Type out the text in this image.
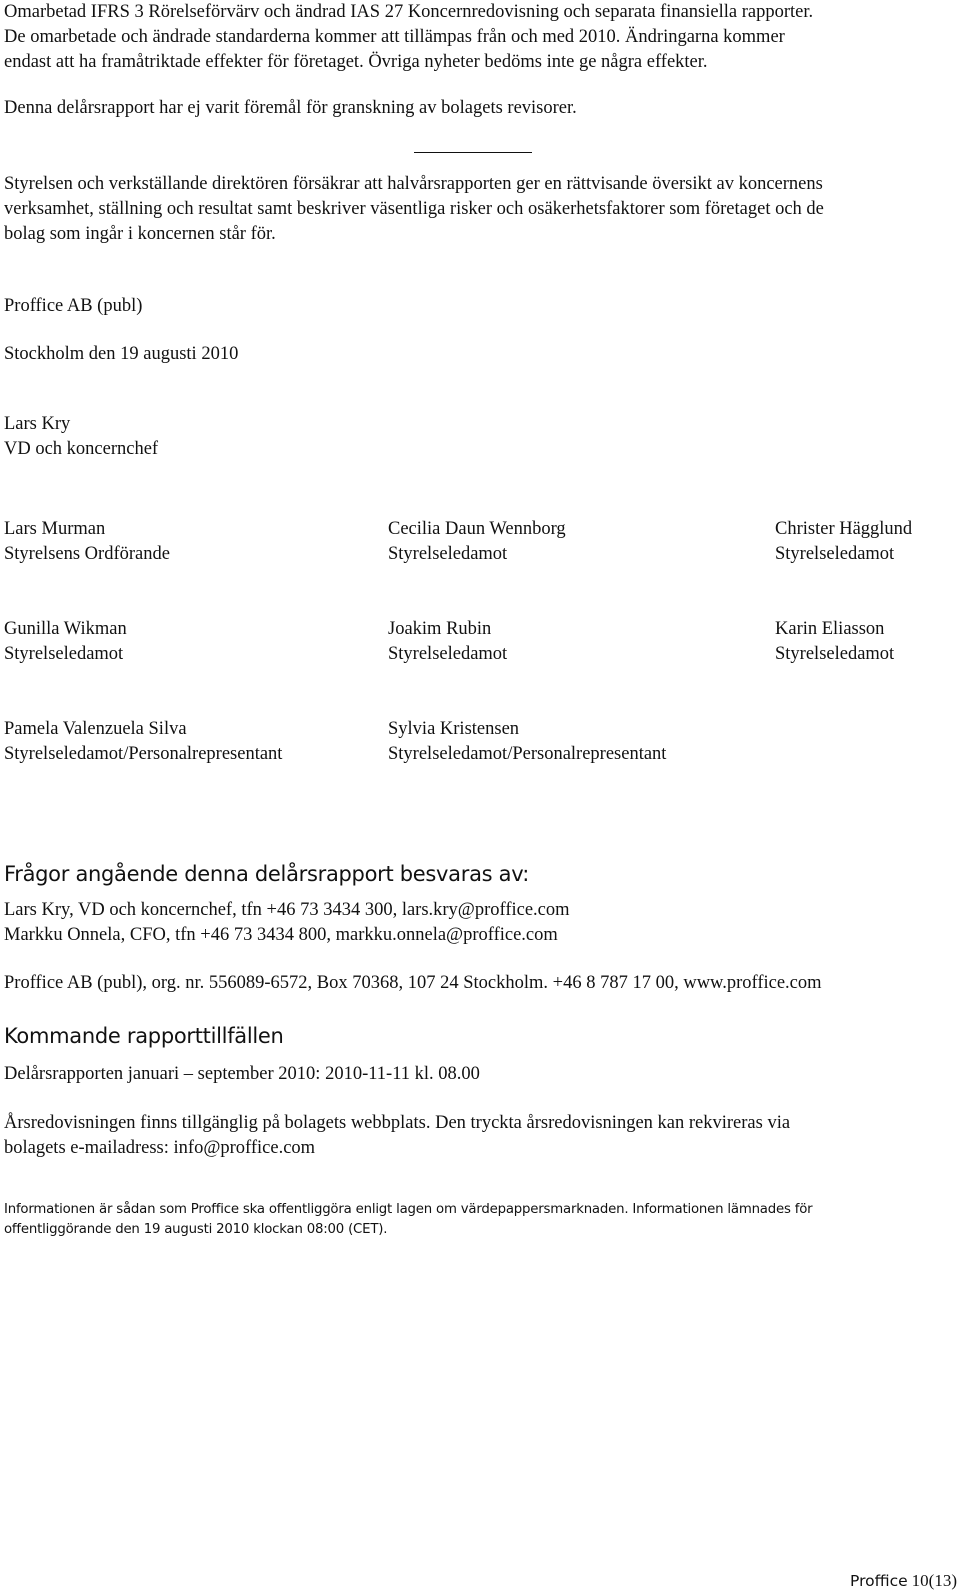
Omarbetad IFRS 3 Rörelseförvärv och ändrad IAS 27 Koncernredovisning och separata finansiella rapporter.
De omarbetade och ändrade standarderna kommer att tillämpas från och med 2010. Ändringarna kommer
endast att ha framåtriktade effekter för företaget. Övriga nyheter bedöms inte ge några effekter.

Denna delårsrapport har ej varit föremål för granskning av bolagets revisorer.

Styrelsen och verkställande direktören försäkrar att halvårsrapporten ger en rättvisande översikt av koncernens
verksamhet, ställning och resultat samt beskriver väsentliga risker och osäkerhetsfaktorer som företaget och de
bolag som ingår i koncernen står för.

Proffice AB (publ)

Stockholm den 19 augusti 2010

Lars Kry
VD och koncernchef

Lars Murman
Styrelsens Ordförande

Cecilia Daun Wennborg
Styrelseledamot

Christer Hägglund
Styrelseledamot

Gunilla Wikman
Styrelseledamot

Joakim Rubin
Styrelseledamot

Karin Eliasson
Styrelseledamot

Pamela Valenzuela Silva
Styrelseledamot/Personalrepresentant

Sylvia Kristensen
Styrelseledamot/Personalrepresentant

Frågor angående denna delårsrapport besvaras av:

Lars Kry, VD och koncernchef, tfn +46 73 3434 300, lars.kry@proffice.com
Markku Onnela, CFO, tfn +46 73 3434 800, markku.onnela@proffice.com

Proffice AB (publ), org. nr. 556089-6572, Box 70368, 107 24 Stockholm. +46 8 787 17 00, www.proffice.com

Kommande rapporttillfällen

Delårsrapporten januari – september 2010: 2010-11-11 kl. 08.00

Årsredovisningen finns tillgänglig på bolagets webbplats. Den tryckta årsredovisningen kan rekvireras via
bolagets e-mailadress: info@proffice.com

Informationen är sådan som Proffice ska offentliggöra enligt lagen om värdepappersmarknaden. Informationen lämnades för
offentliggörande den 19 augusti 2010 klockan 08:00 (CET).

Proffice 10(13)
